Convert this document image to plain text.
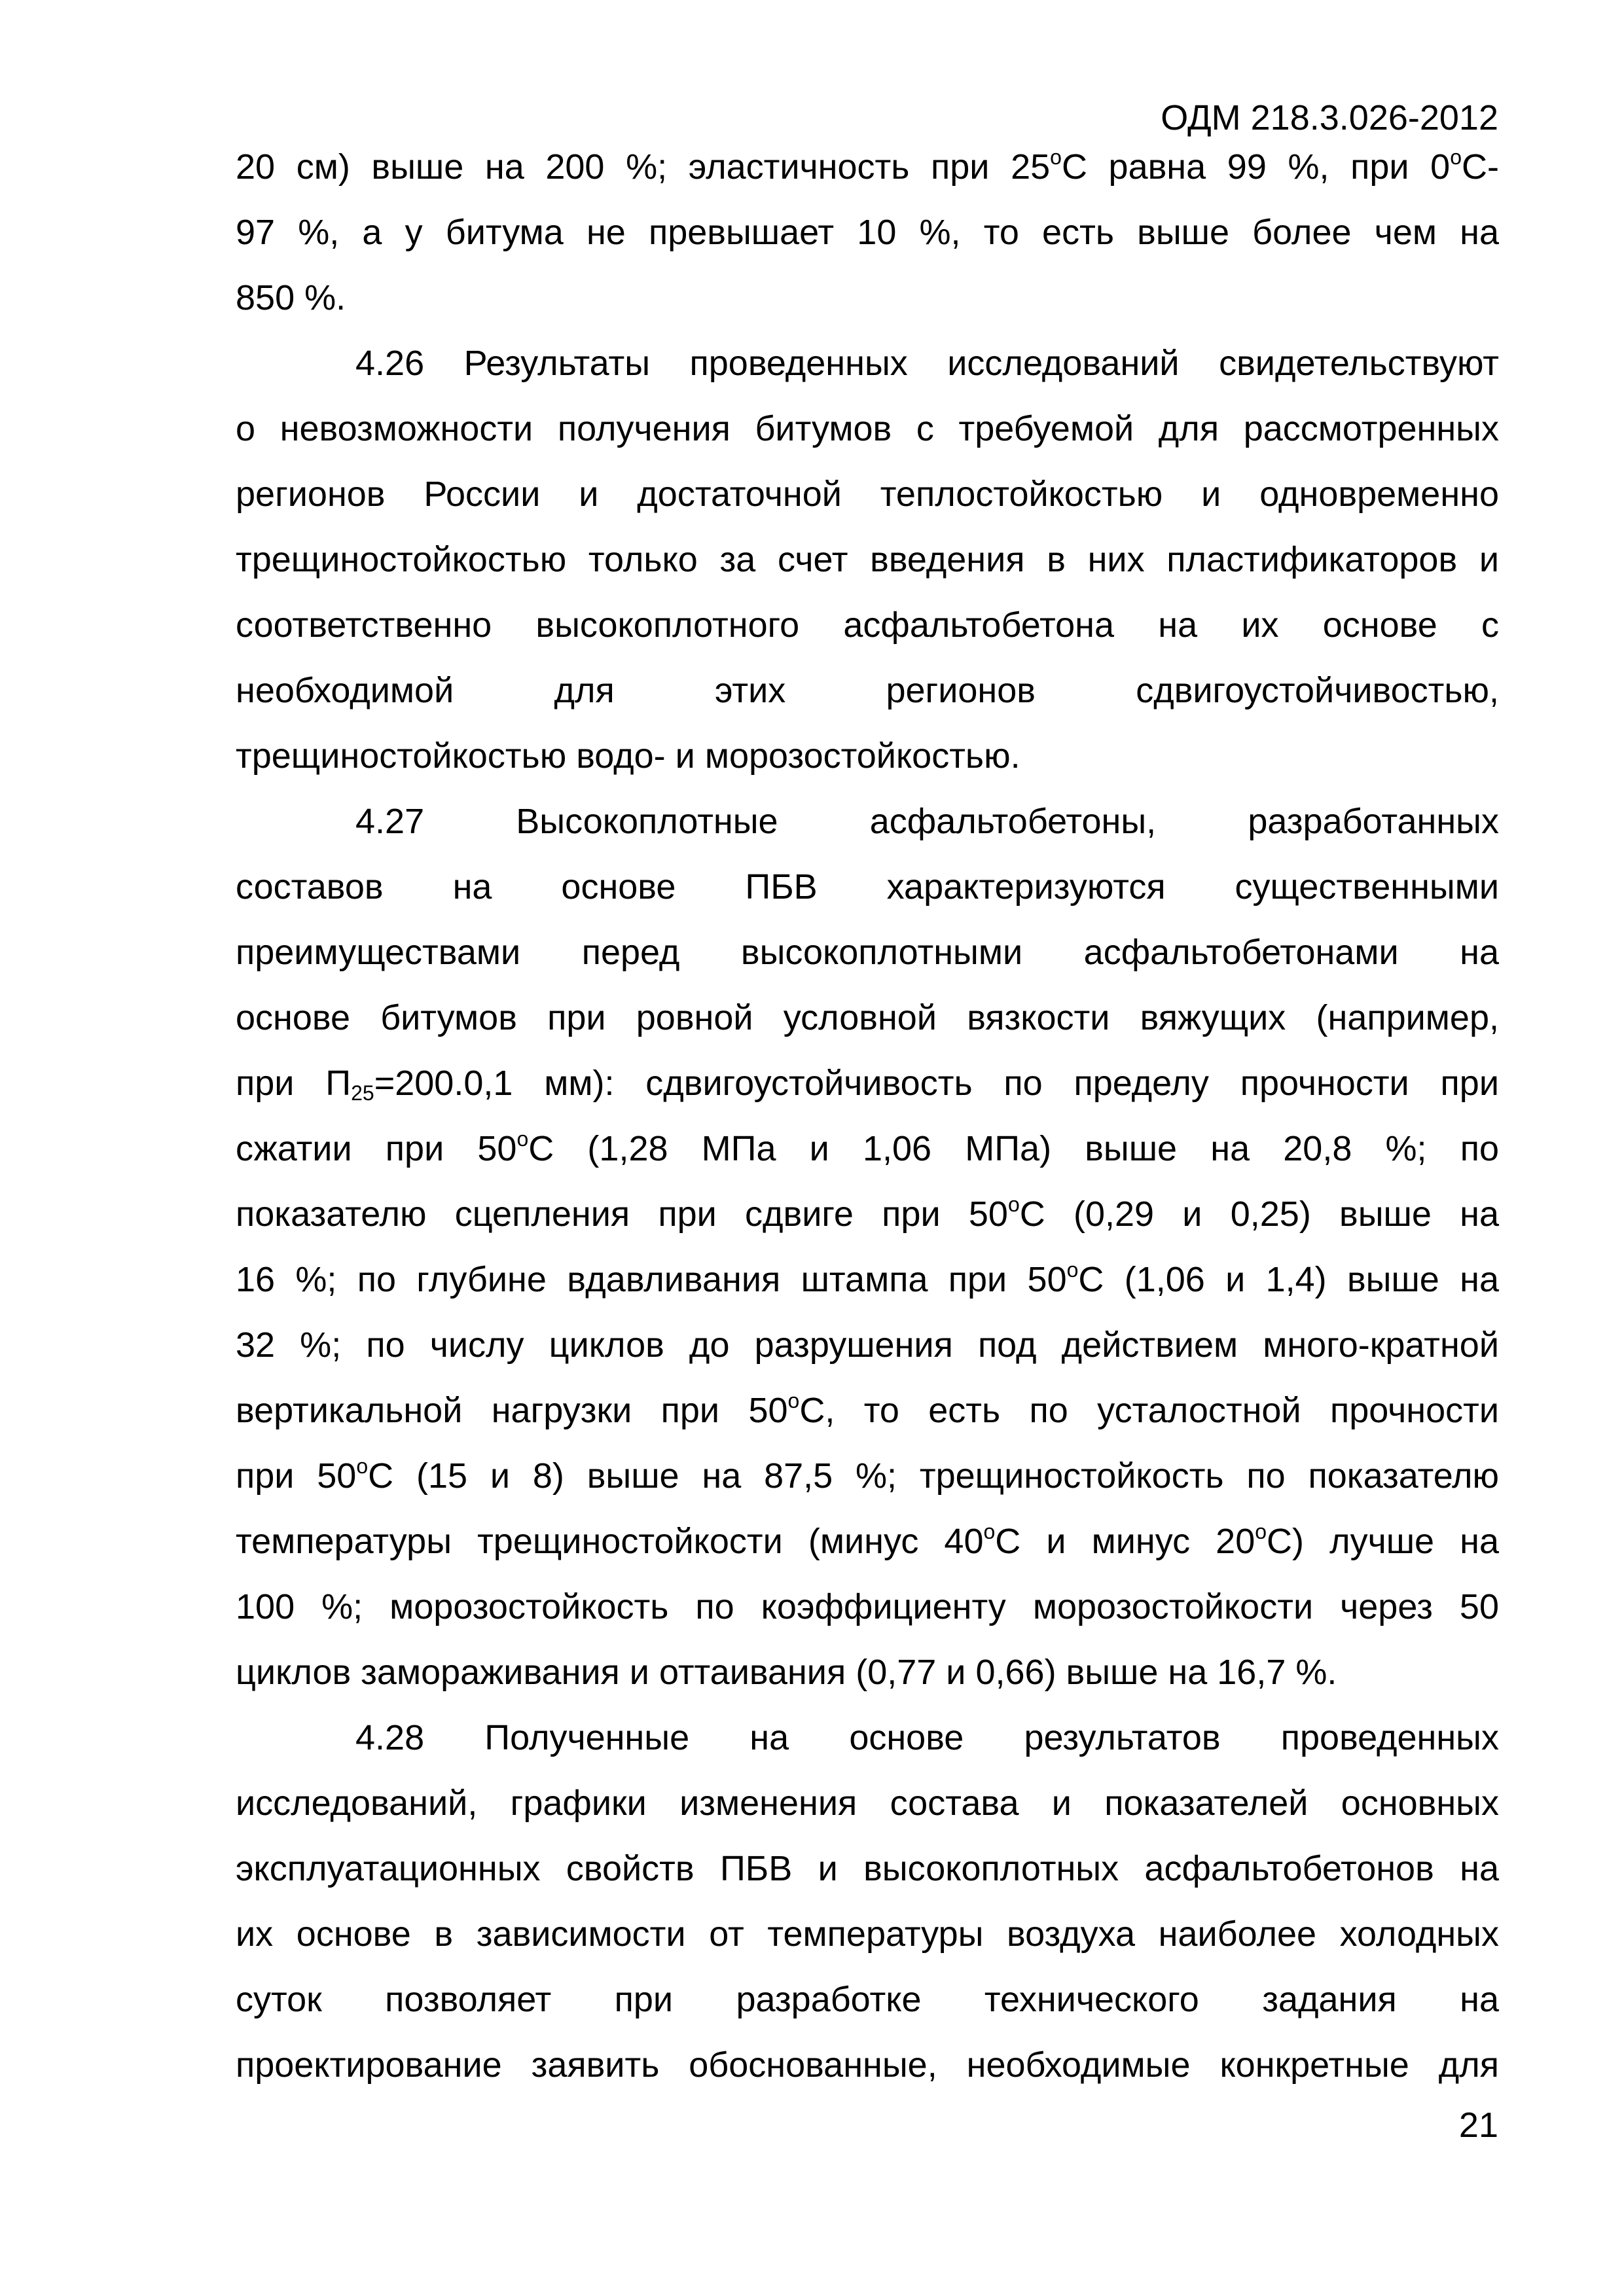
ОДМ 218.3.026-2012
20 см) выше на 200 %; эластичность при 25$^o$С равна 99 %, при 0$^o$С-
97 %, а у битума не превышает 10 %, то есть выше более чем на
850 %.
4.26 Результаты проведенных исследований свидетельствуют
о невозможности получения битумов с требуемой для рассмотренных
регионов России и достаточной теплостойкостью и одновременно
трещиностойкостью только за счет введения в них пластификаторов и
соответственно высокоплотного асфальтобетона на их основе с
необходимой для этих регионов сдвигоустойчивостью,
трещиностойкостью водо- и морозостойкостью.
4.27 Высокоплотные асфальтобетоны, разработанных
составов на основе ПБВ характеризуются существенными
преимуществами перед высокоплотными асфальтобетонами на
основе битумов при ровной условной вязкости вяжущих (например,
при $П_{25}=200.0,1$ мм): сдвигоустойчивость по пределу прочности при
сжатии при 50$^o$С (1,28 МПа и 1,06 МПа) выше на 20,8 %; по
показателю сцепления при сдвиге при 50$^o$С (0,29 и 0,25) выше на
16 %; по глубине вдавливания штампа при 50$^o$С (1,06 и 1,4) выше на
32 %; по числу циклов до разрушения под действием много-кратной
вертикальной нагрузки при 50$^o$С, то есть по усталостной прочности
при 50$^o$С (15 и 8) выше на 87,5 %; трещиностойкость по показателю
температуры трещиностойкости (минус 40$^o$С и минус 20$^o$С) лучше на
100 %; морозостойкость по коэффициенту морозостойкости через 50
циклов замораживания и оттаивания (0,77 и 0,66) выше на 16,7 %.
4.28 Полученные на основе результатов проведенных
исследований, графики изменения состава и показателей основных
эксплуатационных свойств ПБВ и высокоплотных асфальтобетонов на
их основе в зависимости от температуры воздуха наиболее холодных
суток позволяет при разработке технического задания на
проектирование заявить обоснованные, необходимые конкретные для
21
